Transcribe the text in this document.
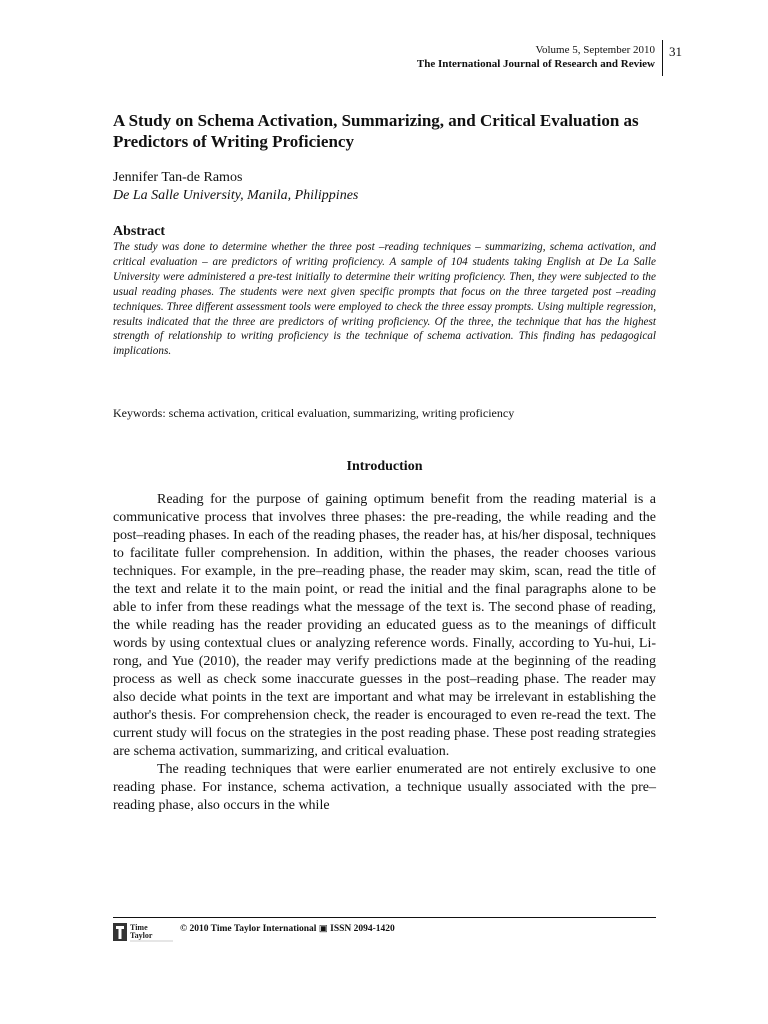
Volume 5, September 2010
The International Journal of Research and Review
31
A Study on Schema Activation, Summarizing, and Critical Evaluation as Predictors of Writing Proficiency
Jennifer Tan-de Ramos
De La Salle University, Manila, Philippines
Abstract
The study was done to determine whether the three post –reading techniques – summarizing, schema activation, and critical evaluation – are predictors of writing proficiency. A sample of 104 students taking English at De La Salle University were administered a pre-test initially to determine their writing proficiency. Then, they were subjected to the usual reading phases. The students were next given specific prompts that focus on the three targeted post –reading techniques. Three different assessment tools were employed to check the three essay prompts. Using multiple regression, results indicated that the three are predictors of writing proficiency. Of the three, the technique that has the highest strength of relationship to writing proficiency is the technique of schema activation. This finding has pedagogical implications.
Keywords: schema activation, critical evaluation, summarizing, writing proficiency
Introduction

Reading for the purpose of gaining optimum benefit from the reading material is a communicative process that involves three phases: the pre-reading, the while reading and the post–reading phases. In each of the reading phases, the reader has, at his/her disposal, techniques to facilitate fuller comprehension. In addition, within the phases, the reader chooses various techniques. For example, in the pre–reading phase, the reader may skim, scan, read the title of the text and relate it to the main point, or read the initial and the final paragraphs alone to be able to infer from these readings what the message of the text is. The second phase of reading, the while reading has the reader providing an educated guess as to the meanings of difficult words by using contextual clues or analyzing reference words. Finally, according to Yu-hui, Li-rong, and Yue (2010), the reader may verify predictions made at the beginning of the reading process as well as check some inaccurate guesses in the post–reading phase. The reader may also decide what points in the text are important and what may be irrelevant in establishing the author's thesis. For comprehension check, the reader is encouraged to even re-read the text. The current study will focus on the strategies in the post reading phase. These post reading strategies are schema activation, summarizing, and critical evaluation.

The reading techniques that were earlier enumerated are not entirely exclusive to one reading phase. For instance, schema activation, a technique usually associated with the pre–reading phase, also occurs in the while

Time
Taylor
© 2010 Time Taylor International ▣ ISSN 2094-1420
